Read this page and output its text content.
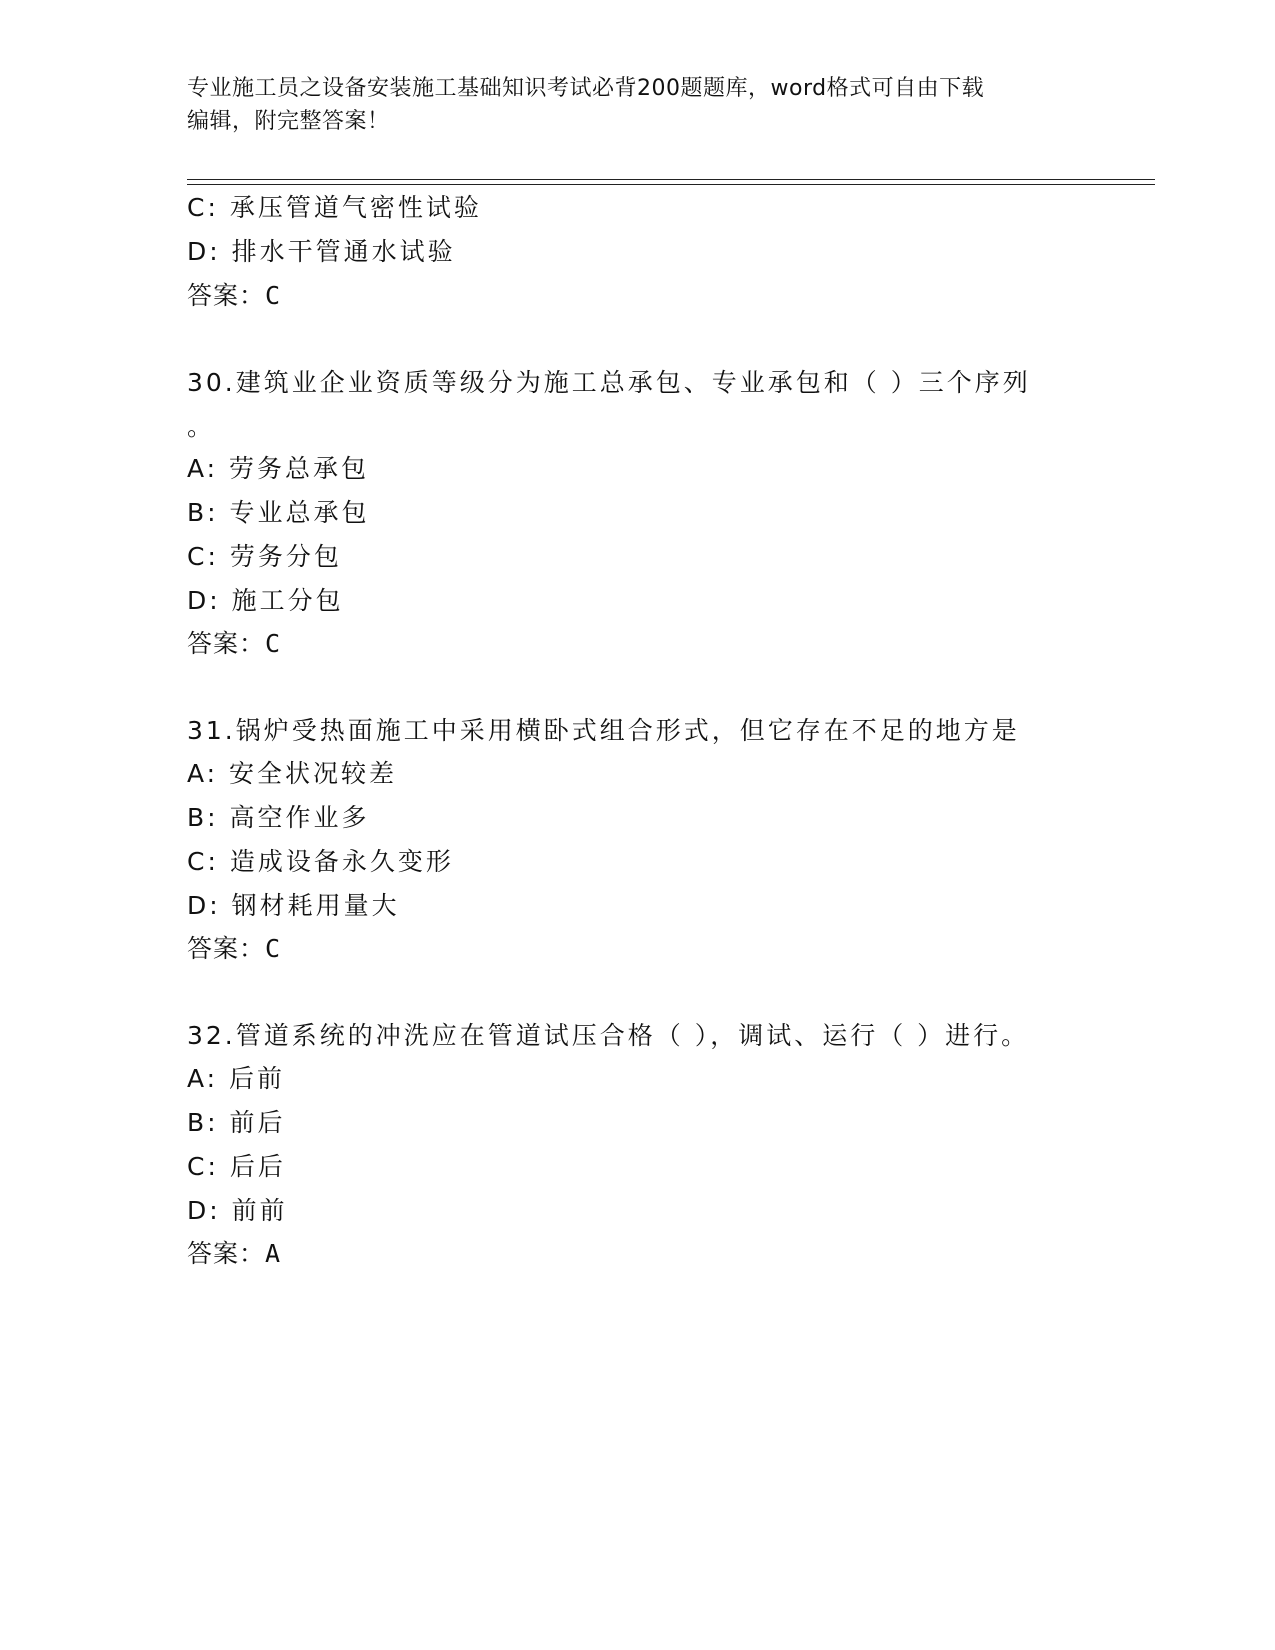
专业施工员之设备安装施工基础知识考试必背200题题库，word格式可自由下载
编辑，附完整答案！
C: 承压管道气密性试验
D: 排水干管通水试验
答案：C
30.建筑业企业资质等级分为施工总承包、专业承包和（ ）三个序列
。
A: 劳务总承包
B: 专业总承包
C: 劳务分包
D: 施工分包
答案：C
31.锅炉受热面施工中采用横卧式组合形式，但它存在不足的地方是
A: 安全状况较差
B: 高空作业多
C: 造成设备永久变形
D: 钢材耗用量大
答案：C
32.管道系统的冲洗应在管道试压合格（ ），调试、运行（ ）进行。
A: 后前
B: 前后
C: 后后
D: 前前
答案：A
